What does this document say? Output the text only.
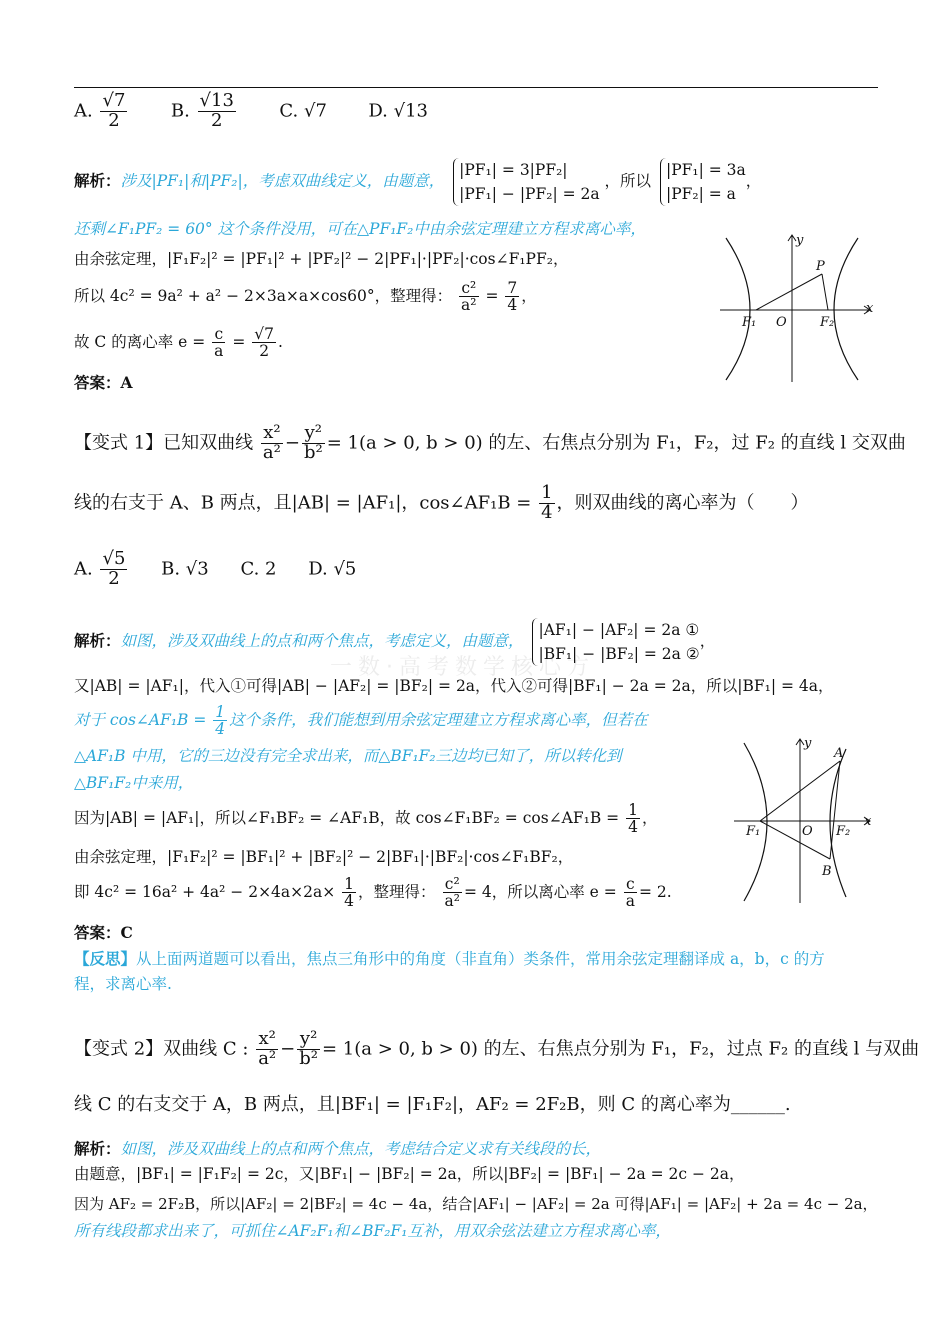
一数·高考数学核心方
A. $\frac{√7}{2} B$. $\frac{√13}{2} C$. √7 D. √13
解析：涉及|PF₁|和|PF₂|，考虑双曲线定义，由题意，
|PF₁| = 3|PF₂|
|PF₁| − |PF₂| = 2a
，所以
|PF₁| = 3a
|PF₂| = a
，
还剩∠F₁PF₂ = 60° 这个条件没用，可在△PF₁F₂中由余弦定理建立方程求离心率，
由余弦定理，|F₁F₂|² = |PF₁|² + |PF₂|² − 2|PF₁|·|PF₂|·cos∠F₁PF₂，
所以 4c² = 9a² + a² − 2×3a×a×cos60°，整理得： $\frac{\text{c²}}{\text{a²}} = \frac{7}{4}$ ，
故 C 的离心率 $e = \frac{c}{a} = \frac{√7}{2}$ .
答案：A
y
x
P
F₁ O	F₂
【变式 1】已知双曲线 $\frac{\text{x²}}{\text{a²}} - \frac{\text{y²}}{\text{b²}} = 1(a > 0$, b > 0) 的左、右焦点分别为 F₁，F₂，过 F₂ 的直线 l 交双曲
线的右支于 A、B 两点，且|AB| = |AF₁|，cos∠AF₁B = $\frac{1}{4}$ ，则双曲线的离心率为（　　）
A. $\frac{√5}{2} B$. √3 C. 2 D. √5
解析：如图，涉及双曲线上的点和两个焦点，考虑定义，由题意，
|AF₁| − |AF₂| = 2a ①
|BF₁| − |BF₂| = 2a ②
，
又|AB| = |AF₁|，代入①可得|AB| − |AF₂| = |BF₂| = 2a，代入②可得|BF₁| − 2a = 2a，所以|BF₁| = 4a，
对于 cos∠AF₁B = $\frac{1}{4}$ 这个条件，我们能想到用余弦定理建立方程求离心率，但若在
△AF₁B 中用，它的三边没有完全求出来，而△BF₁F₂三边均已知了，所以转化到
△BF₁F₂中来用，
因为|AB| = |AF₁|，所以∠F₁BF₂ = ∠AF₁B，故 cos∠F₁BF₂ = cos∠AF₁B = $\frac{1}{4}$ ，
由余弦定理，|F₁F₂|² = |BF₁|² + |BF₂|² − 2|BF₁|·|BF₂|·cos∠F₁BF₂，
即 $4c^2 = 16a^2 + 4a^2 - 2\times 4a\times 2a\times \frac{1}{4}$ ，整理得： $\frac{\text{c²}}{\text{a²}} = 4$，所以离心率 $e = \frac{c}{a} = 2$.
答案：C
【反思】从上面两道题可以看出，焦点三角形中的角度（非直角）类条件，常用余弦定理翻译成 a，b，c 的方
程，求离心率.
y
x
A
B
F₁	O F₂
【变式 2】双曲线 C : $\frac{\text{x²}}{\text{a²}} - \frac{\text{y²}}{\text{b²}} = 1(a > 0$, b > 0) 的左、右焦点分别为 F₁，F₂，过点 F₂ 的直线 l 与双曲
线 C 的右支交于 A，B 两点，且|BF₁| = |F₁F₂|，AF₂ = 2F₂B，则 C 的离心率为______.
解析：如图，涉及双曲线上的点和两个焦点，考虑结合定义求有关线段的长，
由题意，|BF₁| = |F₁F₂| = 2c，又|BF₁| − |BF₂| = 2a，所以|BF₂| = |BF₁| − 2a = 2c − 2a，
因为 AF₂ = 2F₂B，所以|AF₂| = 2|BF₂| = 4c − 4a，结合|AF₁| − |AF₂| = 2a 可得|AF₁| = |AF₂| + 2a = 4c − 2a，
所有线段都求出来了，可抓住∠AF₂F₁和∠BF₂F₁互补，用双余弦法建立方程求离心率，
